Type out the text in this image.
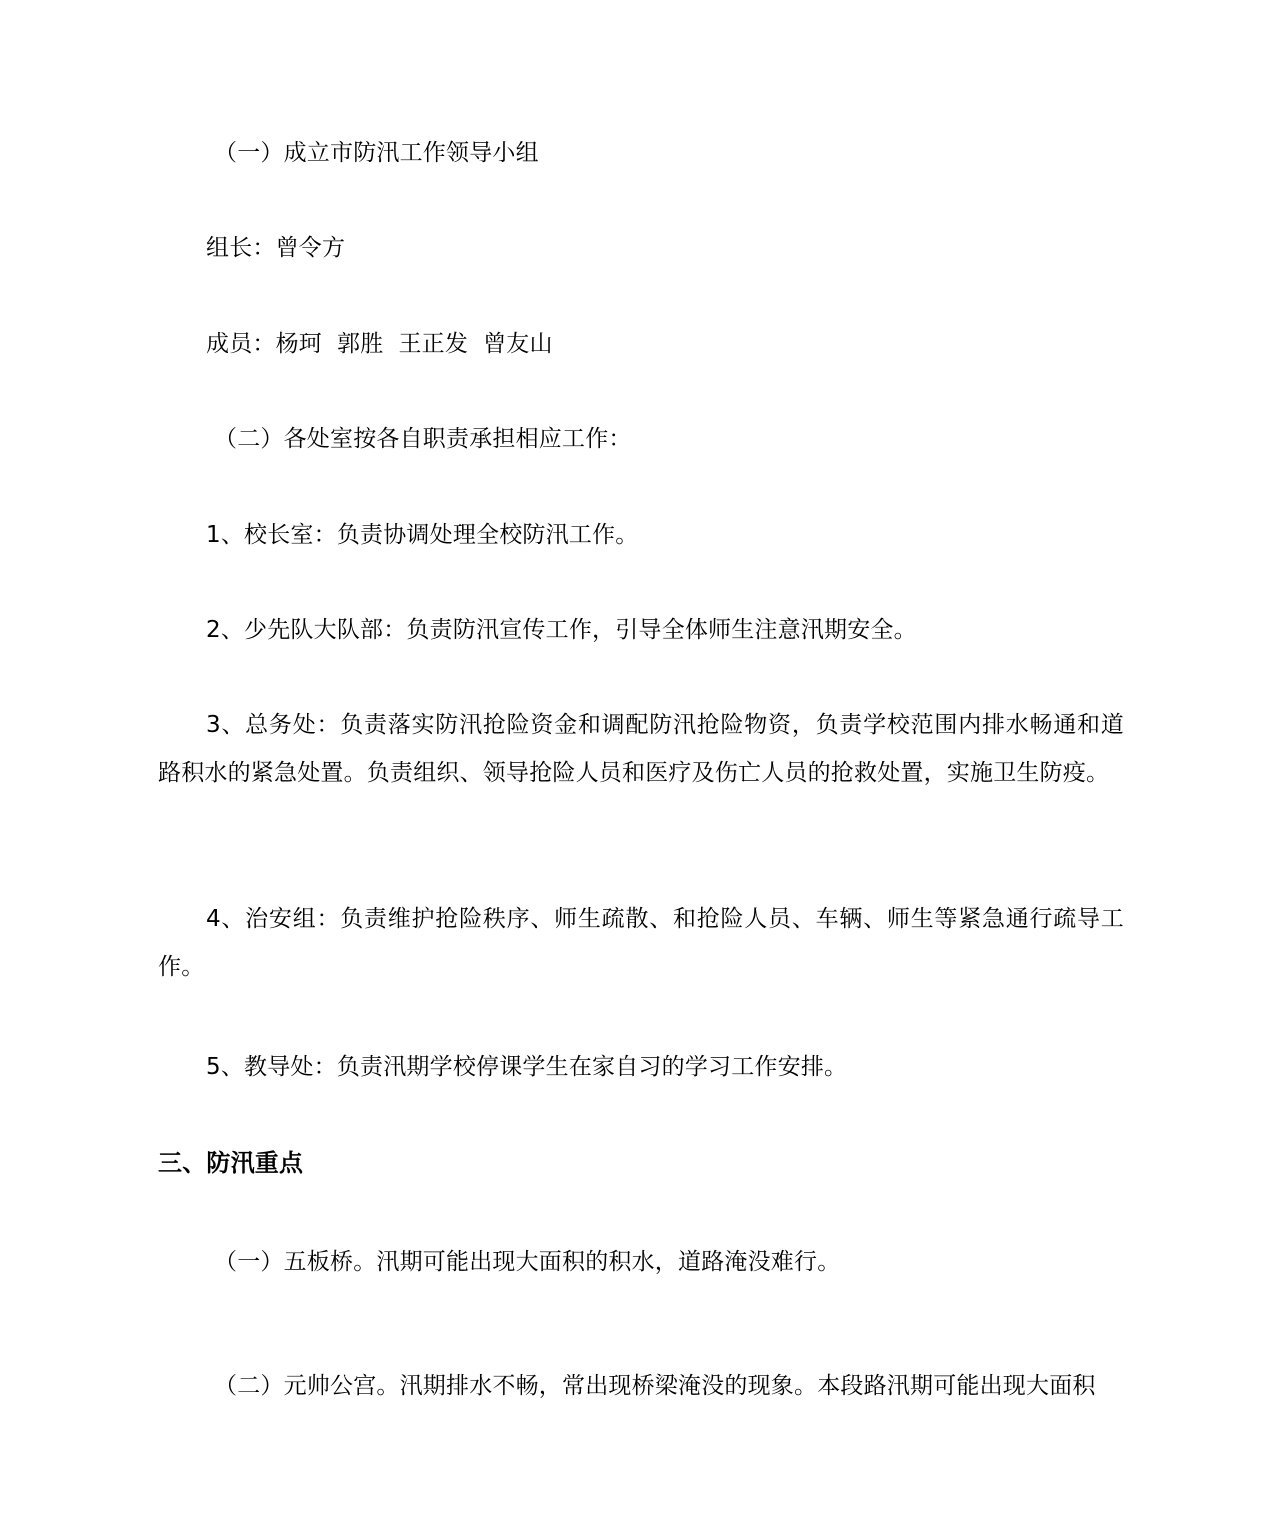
（一）成立市防汛工作领导小组

组长：曾令方

成员：杨珂  郭胜  王正发  曾友山

（二）各处室按各自职责承担相应工作：

1、校长室：负责协调处理全校防汛工作。

2、少先队大队部：负责防汛宣传工作，引导全体师生注意汛期安全。

3、总务处：负责落实防汛抢险资金和调配防汛抢险物资，负责学校范围内排水畅通和道路积水的紧急处置。负责组织、领导抢险人员和医疗及伤亡人员的抢救处置，实施卫生防疫。

4、治安组：负责维护抢险秩序、师生疏散、和抢险人员、车辆、师生等紧急通行疏导工作。

5、教导处：负责汛期学校停课学生在家自习的学习工作安排。

三、防汛重点

（一）五板桥。汛期可能出现大面积的积水，道路淹没难行。

（二）元帅公宫。汛期排水不畅，常出现桥梁淹没的现象。本段路汛期可能出现大面积
